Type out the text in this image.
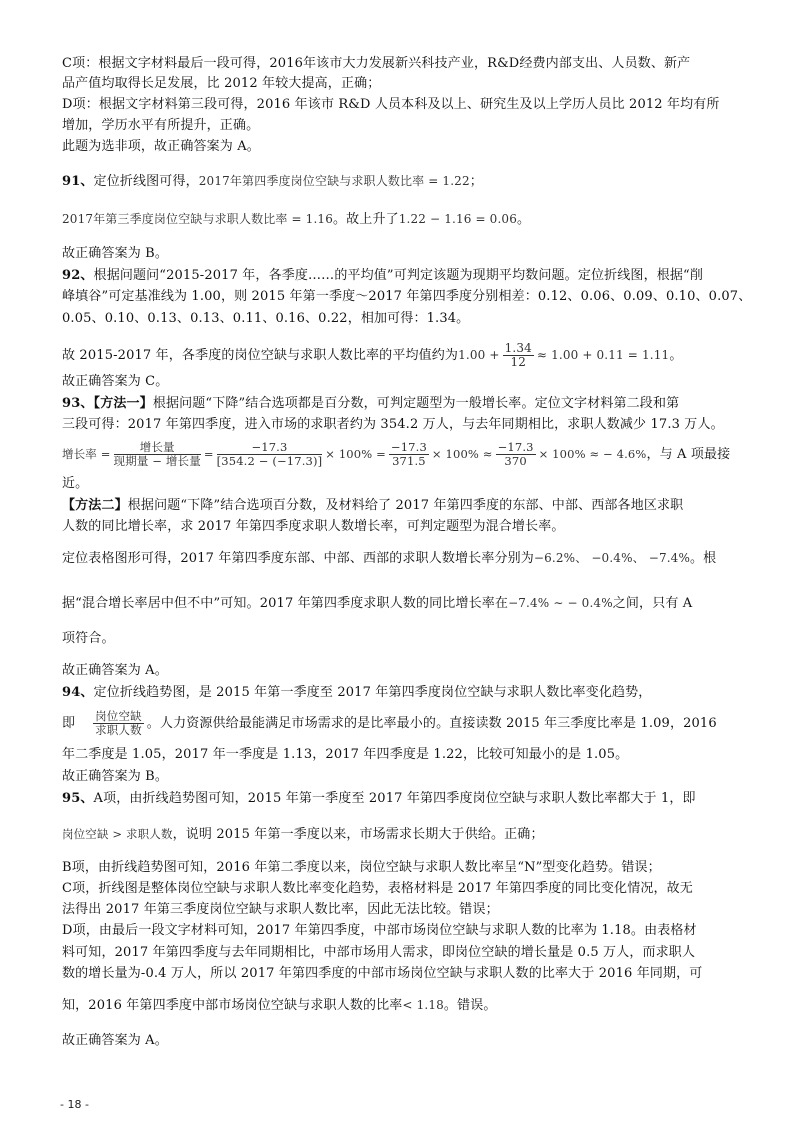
C项：根据文字材料最后一段可得，2016年该市大力发展新兴科技产业，R&D经费内部支出、人员数、新产
品产值均取得长足发展，比 2012 年较大提高，正确；
D项：根据文字材料第三段可得，2016 年该市 R&D 人员本科及以上、研究生及以上学历人员比 2012 年均有所
增加，学历水平有所提升，正确。
此题为选非项，故正确答案为 A。
91、定位折线图可得，2017年第四季度岗位空缺与求职人数比率 = 1.22；
2017年第三季度岗位空缺与求职人数比率 = 1.16。故上升了1.22 − 1.16 = 0.06。
故正确答案为 B。
92、根据问题问“2015-2017 年，各季度……的平均值”可判定该题为现期平均数问题。定位折线图，根据“削
峰填谷”可定基准线为 1.00，则 2015 年第一季度～2017 年第四季度分别相差：0.12、0.06、0.09、0.10、0.07、
0.05、0.10、0.13、0.13、0.11、0.16、0.22，相加可得：1.34。
故 2015-2017 年，各季度的岗位空缺与求职人数比率的平均值约为$1.00 + \frac{1.34}{12} \approx 1.00 + 0.11 = 1.11$。
故正确答案为 C。
93、【方法一】根据问题“下降”结合选项都是百分数，可判定题型为一般增长率。定位文字材料第二段和第
三段可得：2017 年第四季度，进入市场的求职者约为 354.2 万人，与去年同期相比，求职人数减少 17.3 万人。
增长率 = $\frac{\text{增长量}}{\text{现期量 − 增长量}} = \frac{-17.3}{[354.2 - (-17.3)]} \times 100\% = \frac{-17.3}{371.5} \times 100\% \approx \frac{-17.3}{370} \times 100\%$ ≈ − 4.6%，与 A 项最接
近。
【方法二】根据问题“下降”结合选项百分数，及材料给了 2017 年第四季度的东部、中部、西部各地区求职
人数的同比增长率，求 2017 年第四季度求职人数增长率，可判定题型为混合增长率。
定位表格图形可得，2017 年第四季度东部、中部、西部的求职人数增长率分别为−6.2%、 −0.4%、 −7.4%。根
据“混合增长率居中但不中”可知。2017 年第四季度求职人数的同比增长率在−7.4% ∼ − 0.4%之间，只有 A
项符合。
故正确答案为 A。
94、定位折线趋势图，是 2015 年第一季度至 2017 年第四季度岗位空缺与求职人数比率变化趋势，
即 $\frac{\text{岗位空缺}}{\text{求职人数}}$ 。人力资源供给最能满足市场需求的是比率最小的。直接读数 2015 年三季度比率是 1.09，2016
年二季度是 1.05，2017 年一季度是 1.13，2017 年四季度是 1.22，比较可知最小的是 1.05。
故正确答案为 B。
95、A项，由折线趋势图可知，2015 年第一季度至 2017 年第四季度岗位空缺与求职人数比率都大于 1，即
岗位空缺 > 求职人数，说明 2015 年第一季度以来，市场需求长期大于供给。正确；
B项，由折线趋势图可知，2016 年第二季度以来，岗位空缺与求职人数比率呈“N”型变化趋势。错误；
C项，折线图是整体岗位空缺与求职人数比率变化趋势，表格材料是 2017 年第四季度的同比变化情况，故无
法得出 2017 年第三季度岗位空缺与求职人数比率，因此无法比较。错误；
D项，由最后一段文字材料可知，2017 年第四季度，中部市场岗位空缺与求职人数的比率为 1.18。由表格材
料可知，2017 年第四季度与去年同期相比，中部市场用人需求，即岗位空缺的增长量是 0.5 万人，而求职人
数的增长量为-0.4 万人，所以 2017 年第四季度的中部市场岗位空缺与求职人数的比率大于 2016 年同期，可
知，2016 年第四季度中部市场岗位空缺与求职人数的比率< 1.18。错误。
故正确答案为 A。
- 18 -
